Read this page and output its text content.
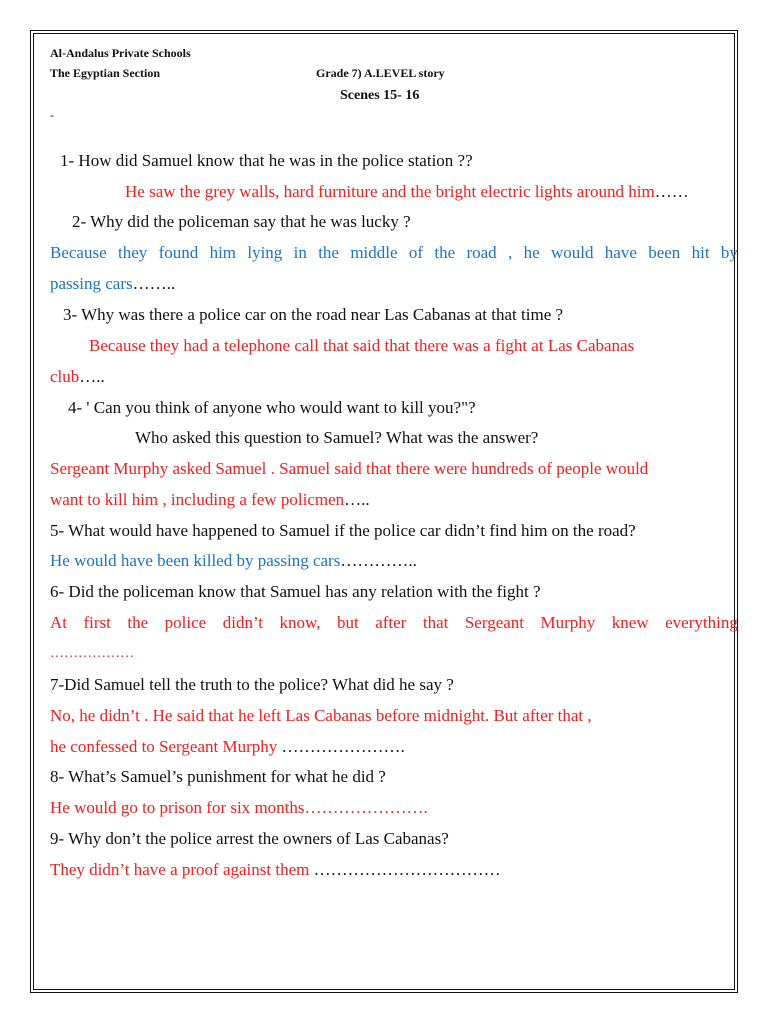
Al-Andalus Private Schools
The Egyptian Section	Grade 7) A.LEVEL story
Scenes 15- 16
-
1- How did Samuel know that he was in the police station ??
He saw the grey walls, hard furniture and the bright electric lights around him……
2- Why did the policeman say that he was lucky ?
Because they found him lying in the middle of the road , he would have been hit by
passing cars……..
3- Why was there a police car on the road near Las Cabanas at that time ?
Because they had a telephone call that said that there was a fight at Las Cabanas
club…..
4- ' Can you think of anyone who would want to kill you?"?
Who asked this question to Samuel? What was the answer?
Sergeant Murphy asked Samuel . Samuel said that there were hundreds of people would
want to kill him , including a few policmen…..
5- What would have happened to Samuel if the police car didn’t find him on the road?
He would have been killed by passing cars…………..
6- Did the policeman know that Samuel has any relation with the fight ?
At first the police didn’t know, but after that Sergeant Murphy knew everything
………………
7-Did Samuel tell the truth to the police? What did he say ?
No, he didn’t . He said that he left Las Cabanas before midnight. But after that ,
he confessed to Sergeant Murphy ………………….
8- What’s Samuel’s punishment for what he did ?
He would go to prison for six months………………….
9- Why don’t the police arrest the owners of Las Cabanas?
They didn’t have a proof against them ……………………………
